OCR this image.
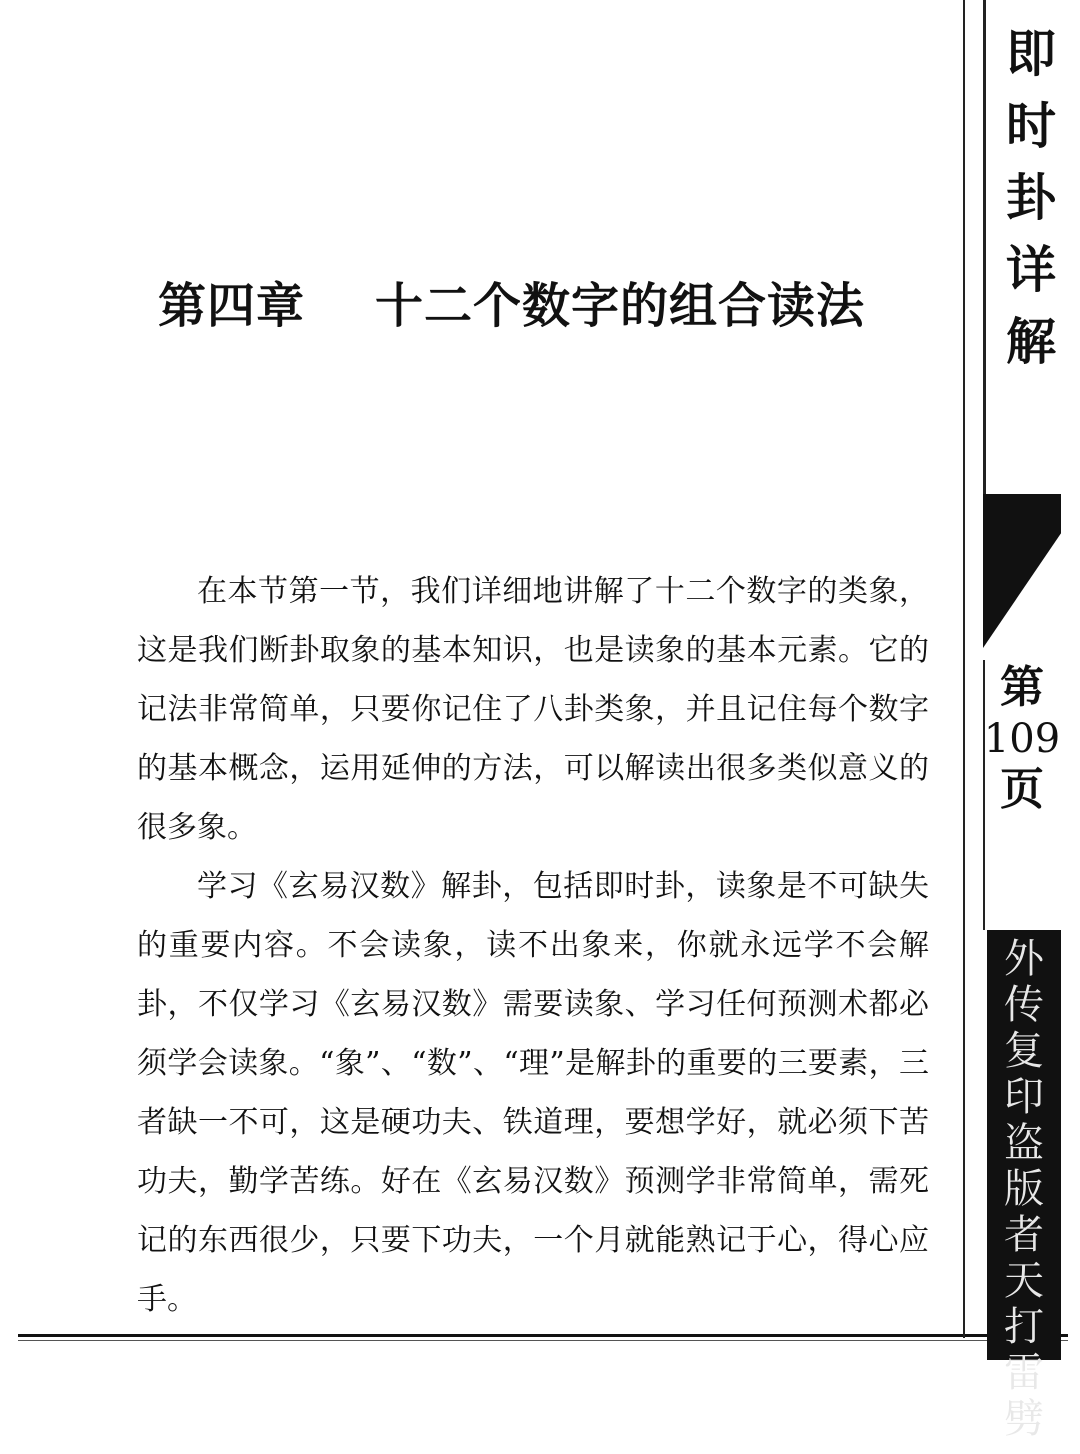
第四章 十二个数字的组合读法

在本节第一节，我们详细地讲解了十二个数字的类象，这是我们断卦取象的基本知识，也是读象的基本元素。它的记法非常简单，只要你记住了八卦类象，并且记住每个数字的基本概念，运用延伸的方法，可以解读出很多类似意义的很多象。

学习《玄易汉数》解卦，包括即时卦，读象是不可缺失的重要内容。不会读象，读不出象来，你就永远学不会解卦，不仅学习《玄易汉数》需要读象、学习任何预测术都必须学会读象。“象”、“数”、“理”是解卦的重要的三要素，三者缺一不可，这是硬功夫、铁道理，要想学好，就必须下苦功夫，勤学苦练。好在《玄易汉数》预测学非常简单，需死记的东西很少，只要下功夫，一个月就能熟记于心，得心应手。

即时卦详解
第
109
页
外传复印盗版者天打雷劈
